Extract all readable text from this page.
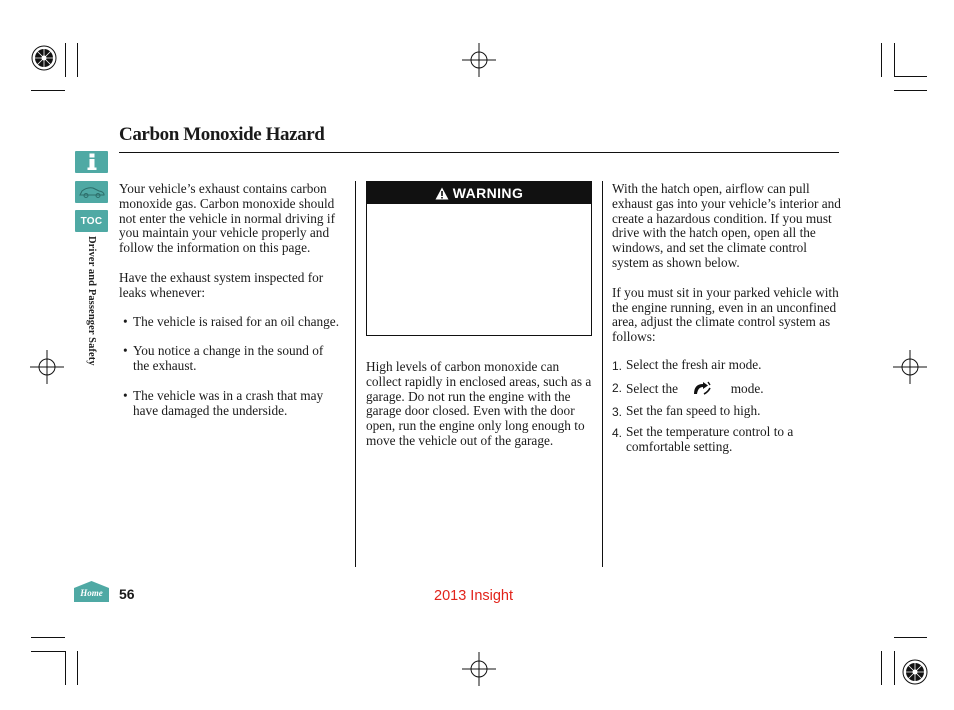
Carbon Monoxide Hazard
TOC
Driver and Passenger Safety

Your vehicle’s exhaust contains carbon monoxide gas. Carbon monoxide should not enter the vehicle in normal driving if you maintain your vehicle properly and follow the information on this page.

Have the exhaust system inspected for leaks whenever:

• The vehicle is raised for an oil change.
• You notice a change in the sound of the exhaust.
• The vehicle was in a crash that may have damaged the underside.
WARNING

High levels of carbon monoxide can collect rapidly in enclosed areas, such as a garage. Do not run the engine with the garage door closed. Even with the door open, run the engine only long enough to move the vehicle out of the garage.

With the hatch open, airflow can pull exhaust gas into your vehicle’s interior and create a hazardous condition. If you must drive with the hatch open, open all the windows, and set the climate control system as shown below.

If you must sit in your parked vehicle with the engine running, even in an unconfined area, adjust the climate control system as follows:

1. Select the fresh air mode.
2. Select the	mode.
3. Set the fan speed to high.
4. Set the temperature control to a comfortable setting.
Home	56	2013 Insight
